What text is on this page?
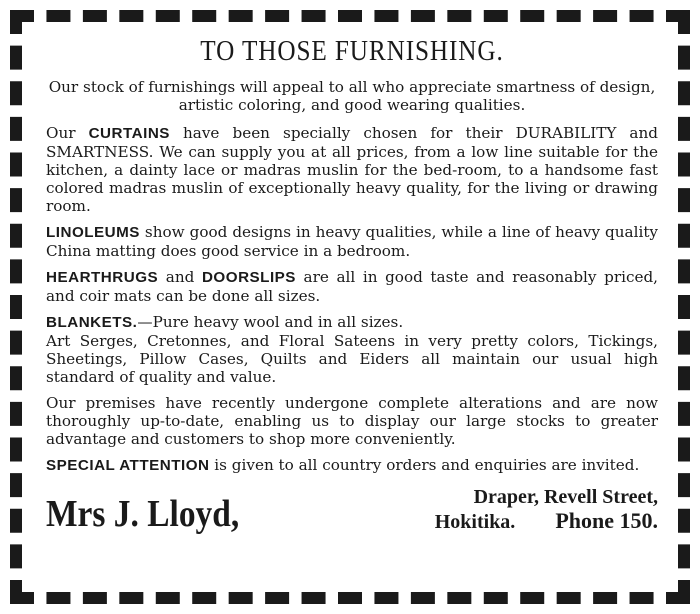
TO THOSE FURNISHING.

Our stock of furnishings will appeal to all who appreciate smartness of design, artistic coloring, and good wearing qualities.

Our CURTAINS have been specially chosen for their DURABILITY and SMARTNESS. We can supply you at all prices, from a low line suitable for the kitchen, a dainty lace or madras muslin for the bed-room, to a handsome fast colored madras muslin of exceptionally heavy quality, for the living or drawing room.

LINOLEUMS show good designs in heavy qualities, while a line of heavy quality China matting does good service in a bedroom.

HEARTHRUGS and DOORSLIPS are all in good taste and reasonably priced, and coir mats can be done all sizes.

BLANKETS.—Pure heavy wool and in all sizes.
Art Serges, Cretonnes, and Floral Sateens in very pretty colors, Tickings, Sheetings, Pillow Cases, Quilts and Eiders all maintain our usual high standard of quality and value.

Our premises have recently undergone complete alterations and are now thoroughly up-to-date, enabling us to display our large stocks to greater advantage and customers to shop more conveniently.

SPECIAL ATTENTION is given to all country orders and enquiries are invited.

Mrs J. Lloyd,	Draper, Revell Street,
Hokitika. Phone 150.
